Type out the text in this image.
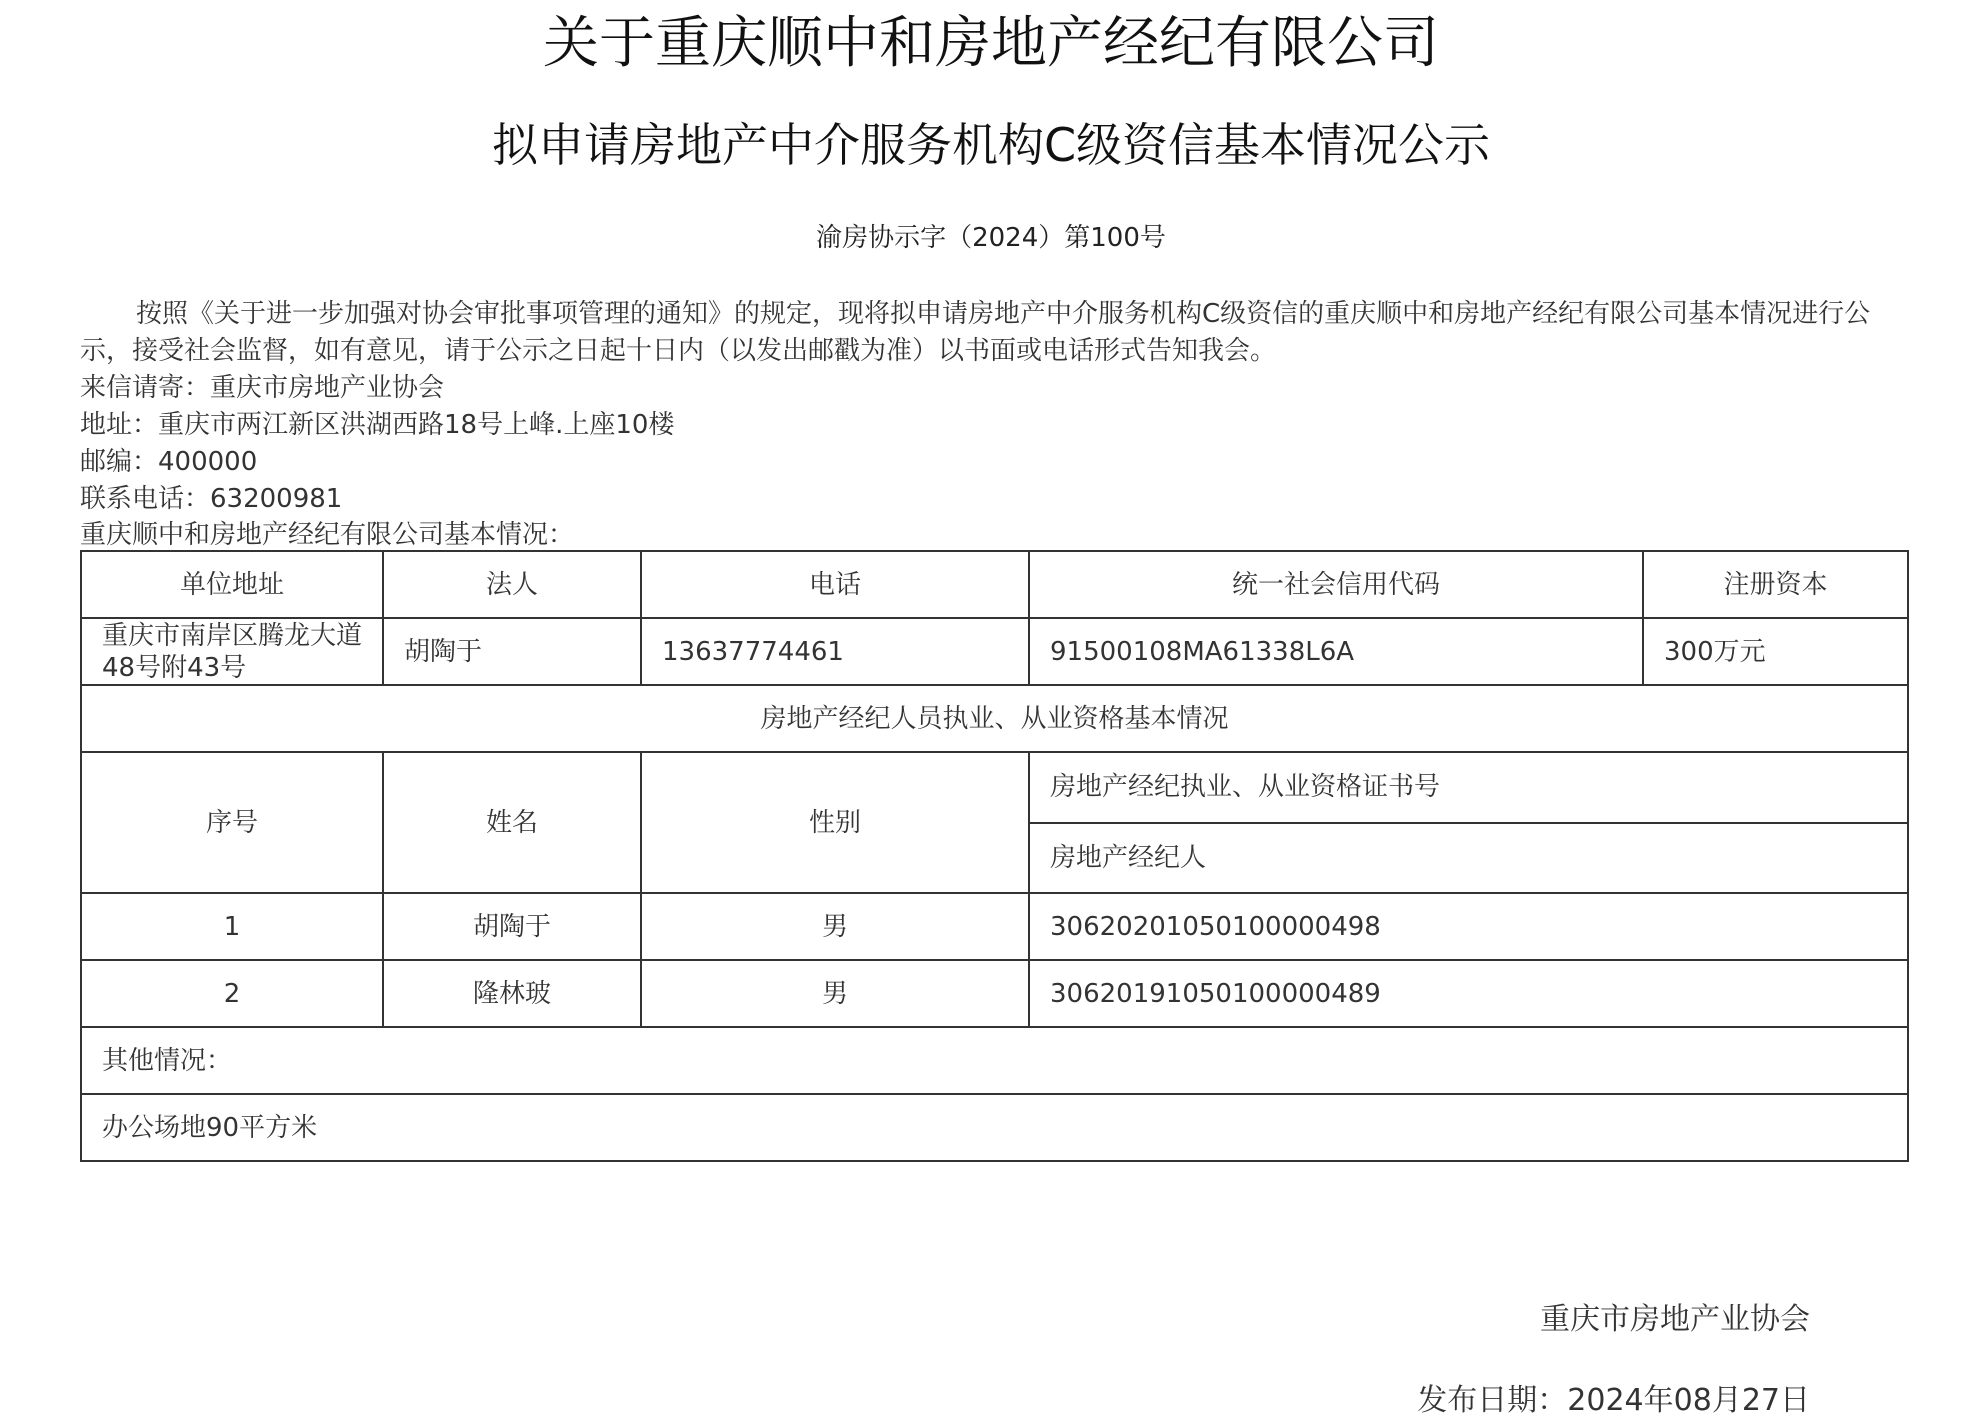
关于重庆顺中和房地产经纪有限公司
拟申请房地产中介服务机构C级资信基本情况公示
渝房协示字（2024）第100号

按照《关于进一步加强对协会审批事项管理的通知》的规定，现将拟申请房地产中介服务机构C级资信的重庆顺中和房地产经纪有限公司基本情况进行公示，接受社会监督，如有意见，请于公示之日起十日内（以发出邮戳为准）以书面或电话形式告知我会。

来信请寄：重庆市房地产业协会
地址：重庆市两江新区洪湖西路18号上峰.上座10楼
邮编：400000
联系电话：63200981
重庆顺中和房地产经纪有限公司基本情况：
单位地址	法人	电话	统一社会信用代码	注册资本
重庆市南岸区腾龙大道48号附43号	胡陶于	13637774461	91500108MA61338L6A	300万元
房地产经纪人员执业、从业资格基本情况				
序号	姓名	性别	房地产经纪执业、从业资格证书号	
			房地产经纪人	
1	胡陶于	男	30620201050100000498	
2	隆林玻	男	30620191050100000489	
其他情况：				
办公场地90平方米				
重庆市房地产业协会
发布日期：2024年08月27日
